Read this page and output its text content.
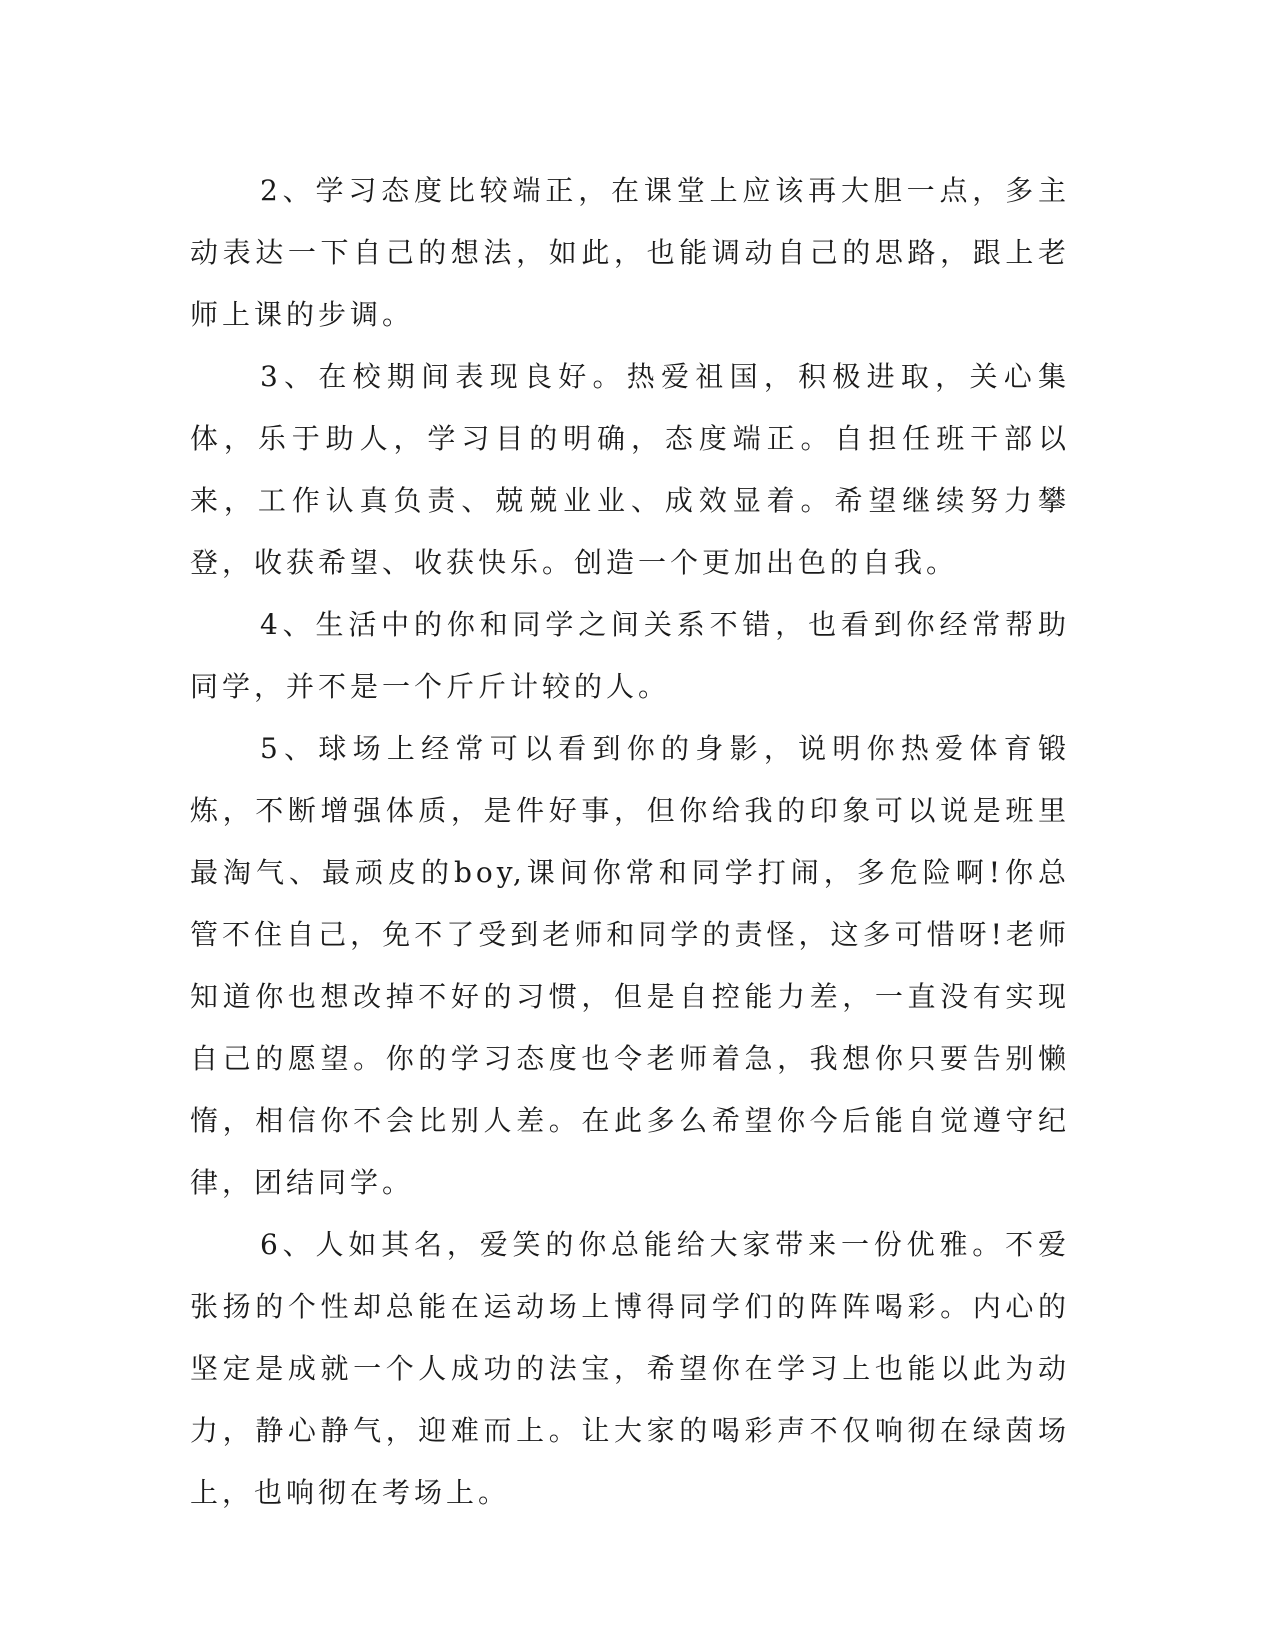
2、学习态度比较端正，在课堂上应该再大胆一点，多主动表达一下自己的想法，如此，也能调动自己的思路，跟上老师上课的步调。

3、在校期间表现良好。热爱祖国，积极进取，关心集体，乐于助人，学习目的明确，态度端正。自担任班干部以来，工作认真负责、兢兢业业、成效显着。希望继续努力攀登，收获希望、收获快乐。创造一个更加出色的自我。

4、生活中的你和同学之间关系不错，也看到你经常帮助同学，并不是一个斤斤计较的人。

5、球场上经常可以看到你的身影，说明你热爱体育锻炼，不断增强体质，是件好事，但你给我的印象可以说是班里最淘气、最顽皮的boy,课间你常和同学打闹，多危险啊!你总管不住自己，免不了受到老师和同学的责怪，这多可惜呀!老师知道你也想改掉不好的习惯，但是自控能力差，一直没有实现自己的愿望。你的学习态度也令老师着急，我想你只要告别懒惰，相信你不会比别人差。在此多么希望你今后能自觉遵守纪律，团结同学。

6、人如其名，爱笑的你总能给大家带来一份优雅。不爱张扬的个性却总能在运动场上博得同学们的阵阵喝彩。内心的坚定是成就一个人成功的法宝，希望你在学习上也能以此为动力，静心静气，迎难而上。让大家的喝彩声不仅响彻在绿茵场上，也响彻在考场上。
